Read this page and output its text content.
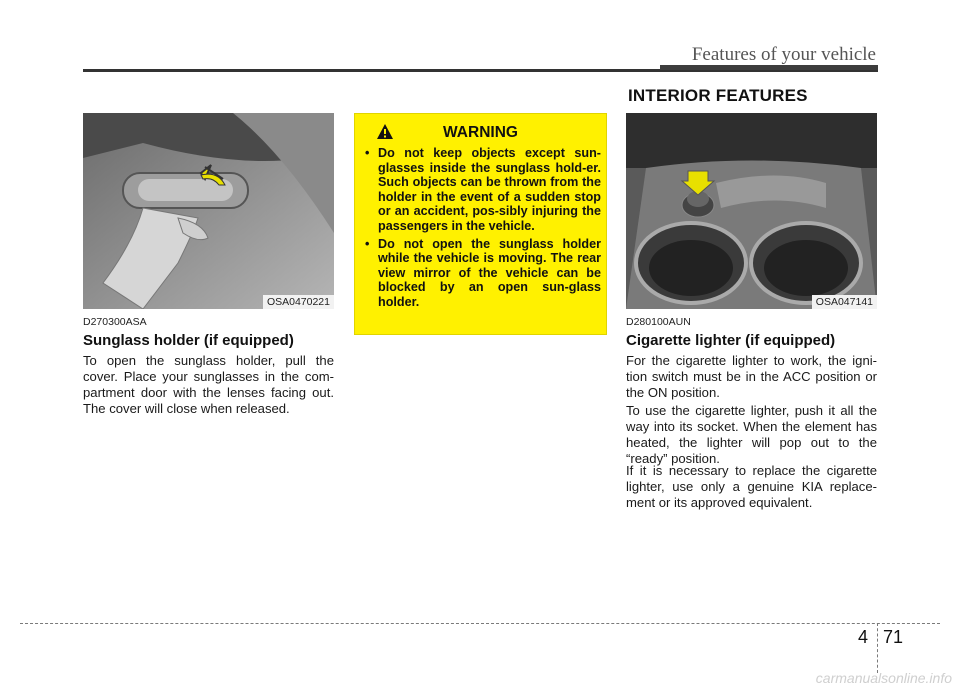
Features of your vehicle
INTERIOR FEATURES
OSA0470221
D270300ASA
Sunglass holder (if equipped)
To open the sunglass holder, pull the cover. Place your sunglasses in the com-partment door with the lenses facing out. The cover will close when released.
WARNING
• Do not keep objects except sun-glasses inside the sunglass hold-er. Such objects can be thrown from the holder in the event of a sudden stop or an accident, pos-sibly injuring the passengers in the vehicle.
• Do not open the sunglass holder while the vehicle is moving. The rear view mirror of the vehicle can be blocked by an open sun-glass holder.	OSA047141
D280100AUN
Cigarette lighter (if equipped)
For the cigarette lighter to work, the igni-tion switch must be in the ACC position or the ON position.
To use the cigarette lighter, push it all the way into its socket. When the element has heated, the lighter will pop out to the “ready” position.
If it is necessary to replace the cigarette lighter, use only a genuine KIA replace-ment or its approved equivalent.
4 71
carmanualsonline.info
